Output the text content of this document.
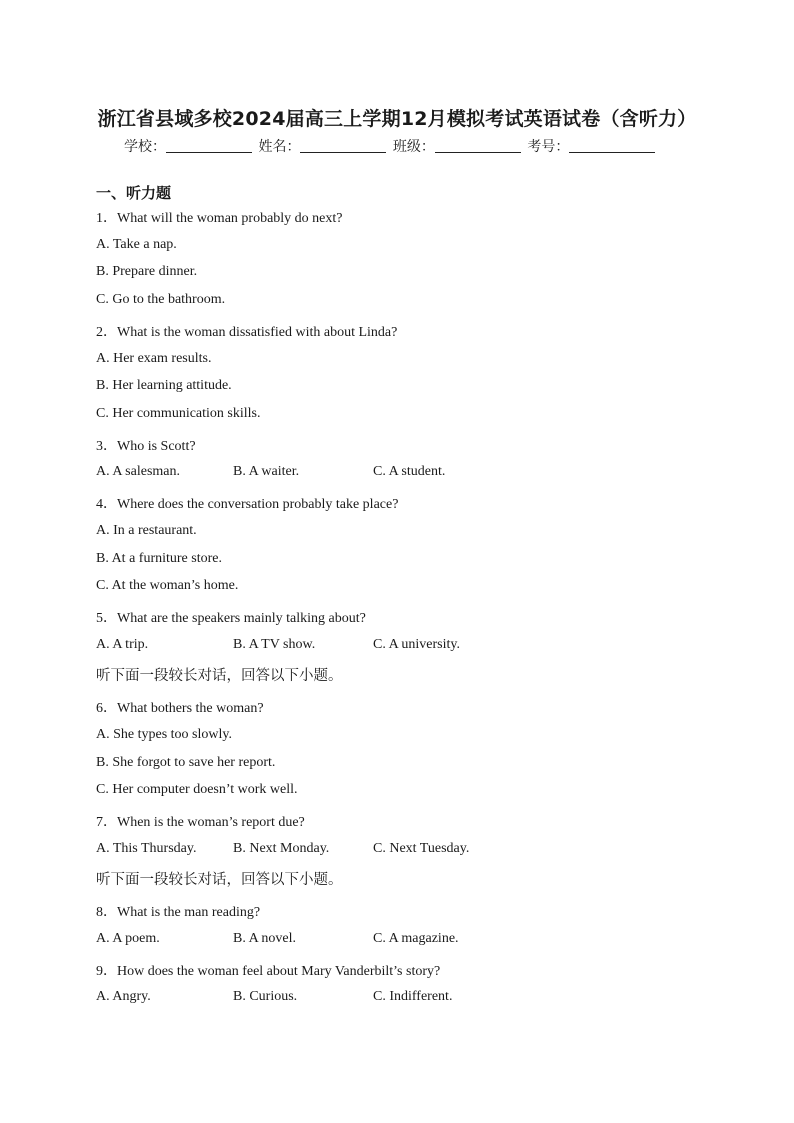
浙江省县域多校2024届高三上学期12月模拟考试英语试卷（含听力）
学校：	姓名：	班级：	考号：
一、听力题
1．What will the woman probably do next?
A. Take a nap.
B. Prepare dinner.
C. Go to the bathroom.
2．What is the woman dissatisfied with about Linda?
A. Her exam results.
B. Her learning attitude.
C. Her communication skills.
3．Who is Scott?
A. A salesman.	B. A waiter.	C. A student.
4．Where does the conversation probably take place?
A. In a restaurant.
B. At a furniture store.
C. At the woman’s home.
5．What are the speakers mainly talking about?
A. A trip.	B. A TV show.	C. A university.
听下面一段较长对话，回答以下小题。
6．What bothers the woman?
A. She types too slowly.
B. She forgot to save her report.
C. Her computer doesn’t work well.
7．When is the woman’s report due?
A. This Thursday.	B. Next Monday.	C. Next Tuesday.
听下面一段较长对话，回答以下小题。
8．What is the man reading?
A. A poem.	B. A novel.	C. A magazine.
9．How does the woman feel about Mary Vanderbilt’s story?
A. Angry.	B. Curious.	C. Indifferent.
